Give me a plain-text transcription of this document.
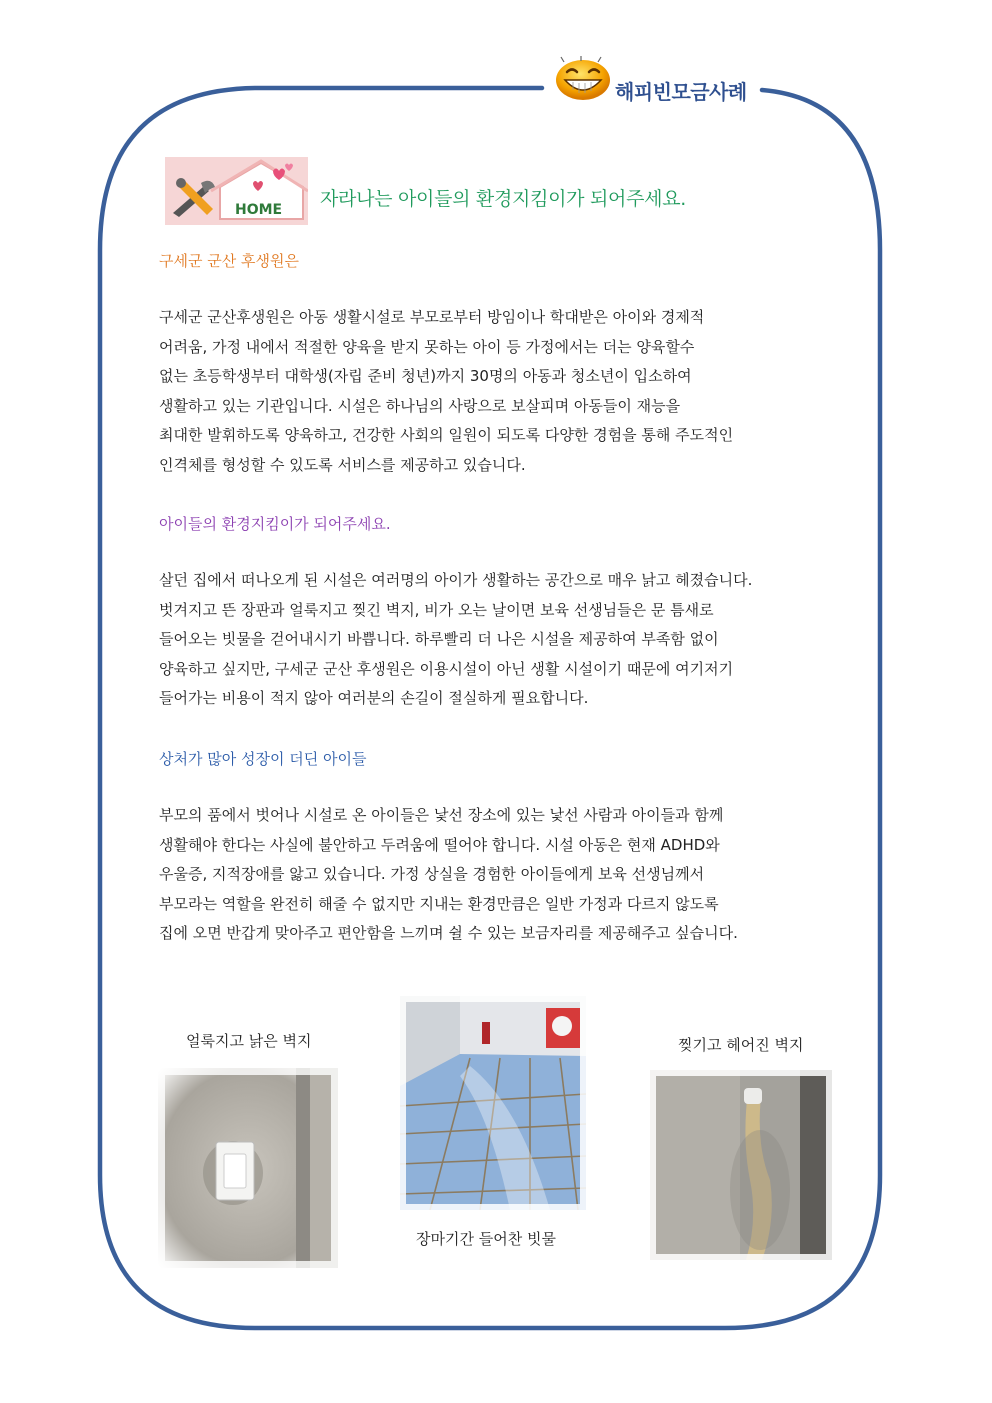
해피빈모금사례
HOME 자라나는 아이들의 환경지킴이가 되어주세요.
구세군 군산 후생원은
구세군 군산후생원은 아동 생활시설로 부모로부터 방임이나 학대받은 아이와 경제적
어려움, 가정 내에서 적절한 양육을 받지 못하는 아이 등 가정에서는 더는 양육할수
없는 초등학생부터 대학생(자립 준비 청년)까지 30명의 아동과 청소년이 입소하여
생활하고 있는 기관입니다. 시설은 하나님의 사랑으로 보살피며 아동들이 재능을
최대한 발휘하도록 양육하고, 건강한 사회의 일원이 되도록 다양한 경험을 통해 주도적인
인격체를 형성할 수 있도록 서비스를 제공하고 있습니다.
아이들의 환경지킴이가 되어주세요.
살던 집에서 떠나오게 된 시설은 여러명의 아이가 생활하는 공간으로 매우 낡고 헤졌습니다.
벗겨지고 뜬 장판과 얼룩지고 찢긴 벽지, 비가 오는 날이면 보육 선생님들은 문 틈새로
들어오는 빗물을 걷어내시기 바쁩니다. 하루빨리 더 나은 시설을 제공하여 부족함 없이
양육하고 싶지만, 구세군 군산 후생원은 이용시설이 아닌 생활 시설이기 때문에 여기저기
들어가는 비용이 적지 않아 여러분의 손길이 절실하게 필요합니다.
상처가 많아 성장이 더딘 아이들
부모의 품에서 벗어나 시설로 온 아이들은 낯선 장소에 있는 낯선 사람과 아이들과 함께
생활해야 한다는 사실에 불안하고 두려움에 떨어야 합니다. 시설 아동은 현재 ADHD와
우울증, 지적장애를 앓고 있습니다. 가정 상실을 경험한 아이들에게 보육 선생님께서
부모라는 역할을 완전히 해줄 수 없지만 지내는 환경만큼은 일반 가정과 다르지 않도록
집에 오면 반갑게 맞아주고 편안함을 느끼며 쉴 수 있는 보금자리를 제공해주고 싶습니다.
얼룩지고 낡은 벽지
장마기간 들어찬 빗물
찢기고 헤어진 벽지
